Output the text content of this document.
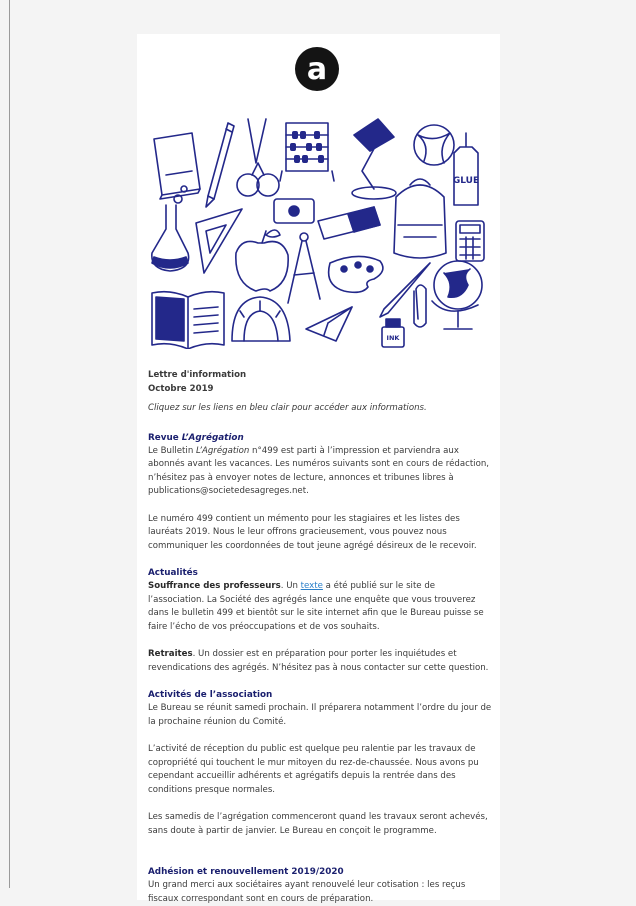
a
GLUE
INK

Lettre d'information

Octobre 2019

Cliquez sur les liens en bleu clair pour accéder aux informations.

Revue L’Agrégation

Le Bulletin L’Agrégation n°499 est parti à l’impression et parviendra aux abonnés avant les vacances. Les numéros suivants sont en cours de rédaction, n’hésitez pas à envoyer notes de lecture, annonces et tribunes libres à publications@societedesagreges.net.

Le numéro 499 contient un mémento pour les stagiaires et les listes des lauréats 2019. Nous le leur offrons gracieusement, vous pouvez nous communiquer les coordonnées de tout jeune agrégé désireux de le recevoir.

Actualités

Souffrance des professeurs. Un texte a été publié sur le site de l’association. La Société des agrégés lance une enquête que vous trouverez dans le bulletin 499 et bientôt sur le site internet afin que le Bureau puisse se faire l’écho de vos préoccupations et de vos souhaits.

Retraites. Un dossier est en préparation pour porter les inquiétudes et revendications des agrégés. N’hésitez pas à nous contacter sur cette question.

Activités de l’association

Le Bureau se réunit samedi prochain. Il préparera notamment l’ordre du jour de la prochaine réunion du Comité.

L’activité de réception du public est quelque peu ralentie par les travaux de copropriété qui touchent le mur mitoyen du rez-de-chaussée. Nous avons pu cependant accueillir adhérents et agrégatifs depuis la rentrée dans des conditions presque normales.

Les samedis de l’agrégation commenceront quand les travaux seront achevés, sans doute à partir de janvier. Le Bureau en conçoit le programme.

Adhésion et renouvellement 2019/2020

Un grand merci aux sociétaires ayant renouvelé leur cotisation : les reçus fiscaux correspondant sont en cours de préparation.
